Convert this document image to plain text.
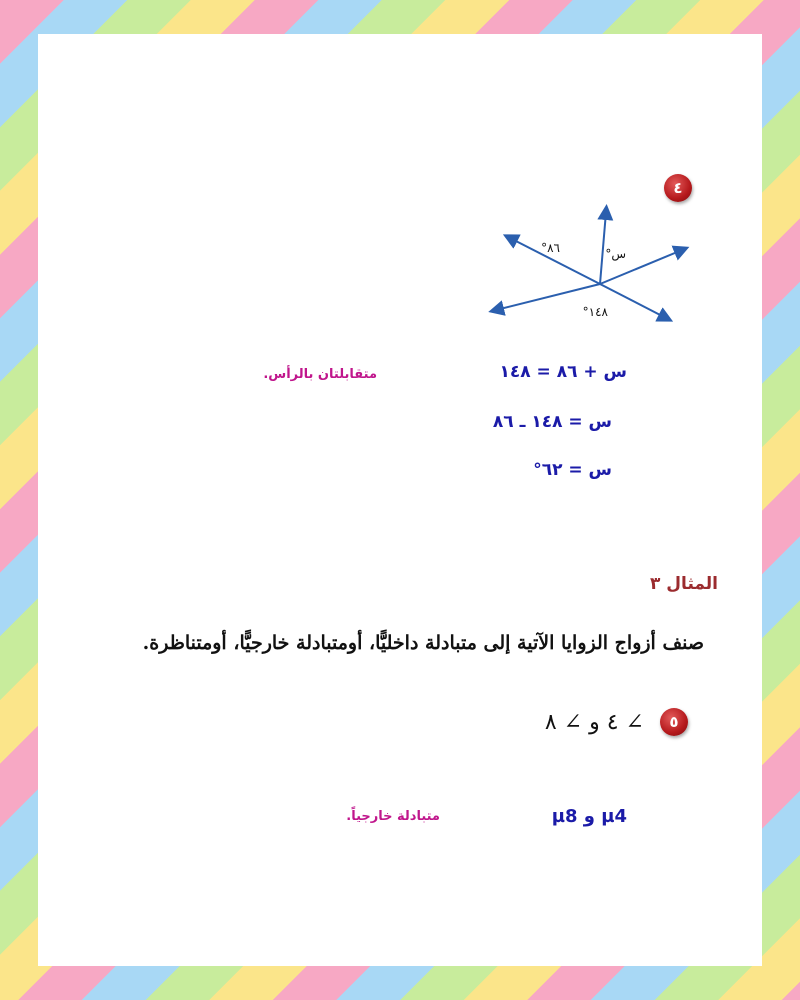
٤
٨٦°	س°
١٤٨°
س + ٨٦ = ١٤٨
س = ١٤٨ ـ ٨٦
س = ٦٢°
متقابلتان بالرأس.
المثال ٣
صنف أزواج الزوايا الآتية إلى متبادلة داخليًّا، أومتبادلة خارجيًّا، أومتناظرة.
٥
∠ ٤ و ∠ ٨
µ4 و µ8
متبادلة خارجياً.
